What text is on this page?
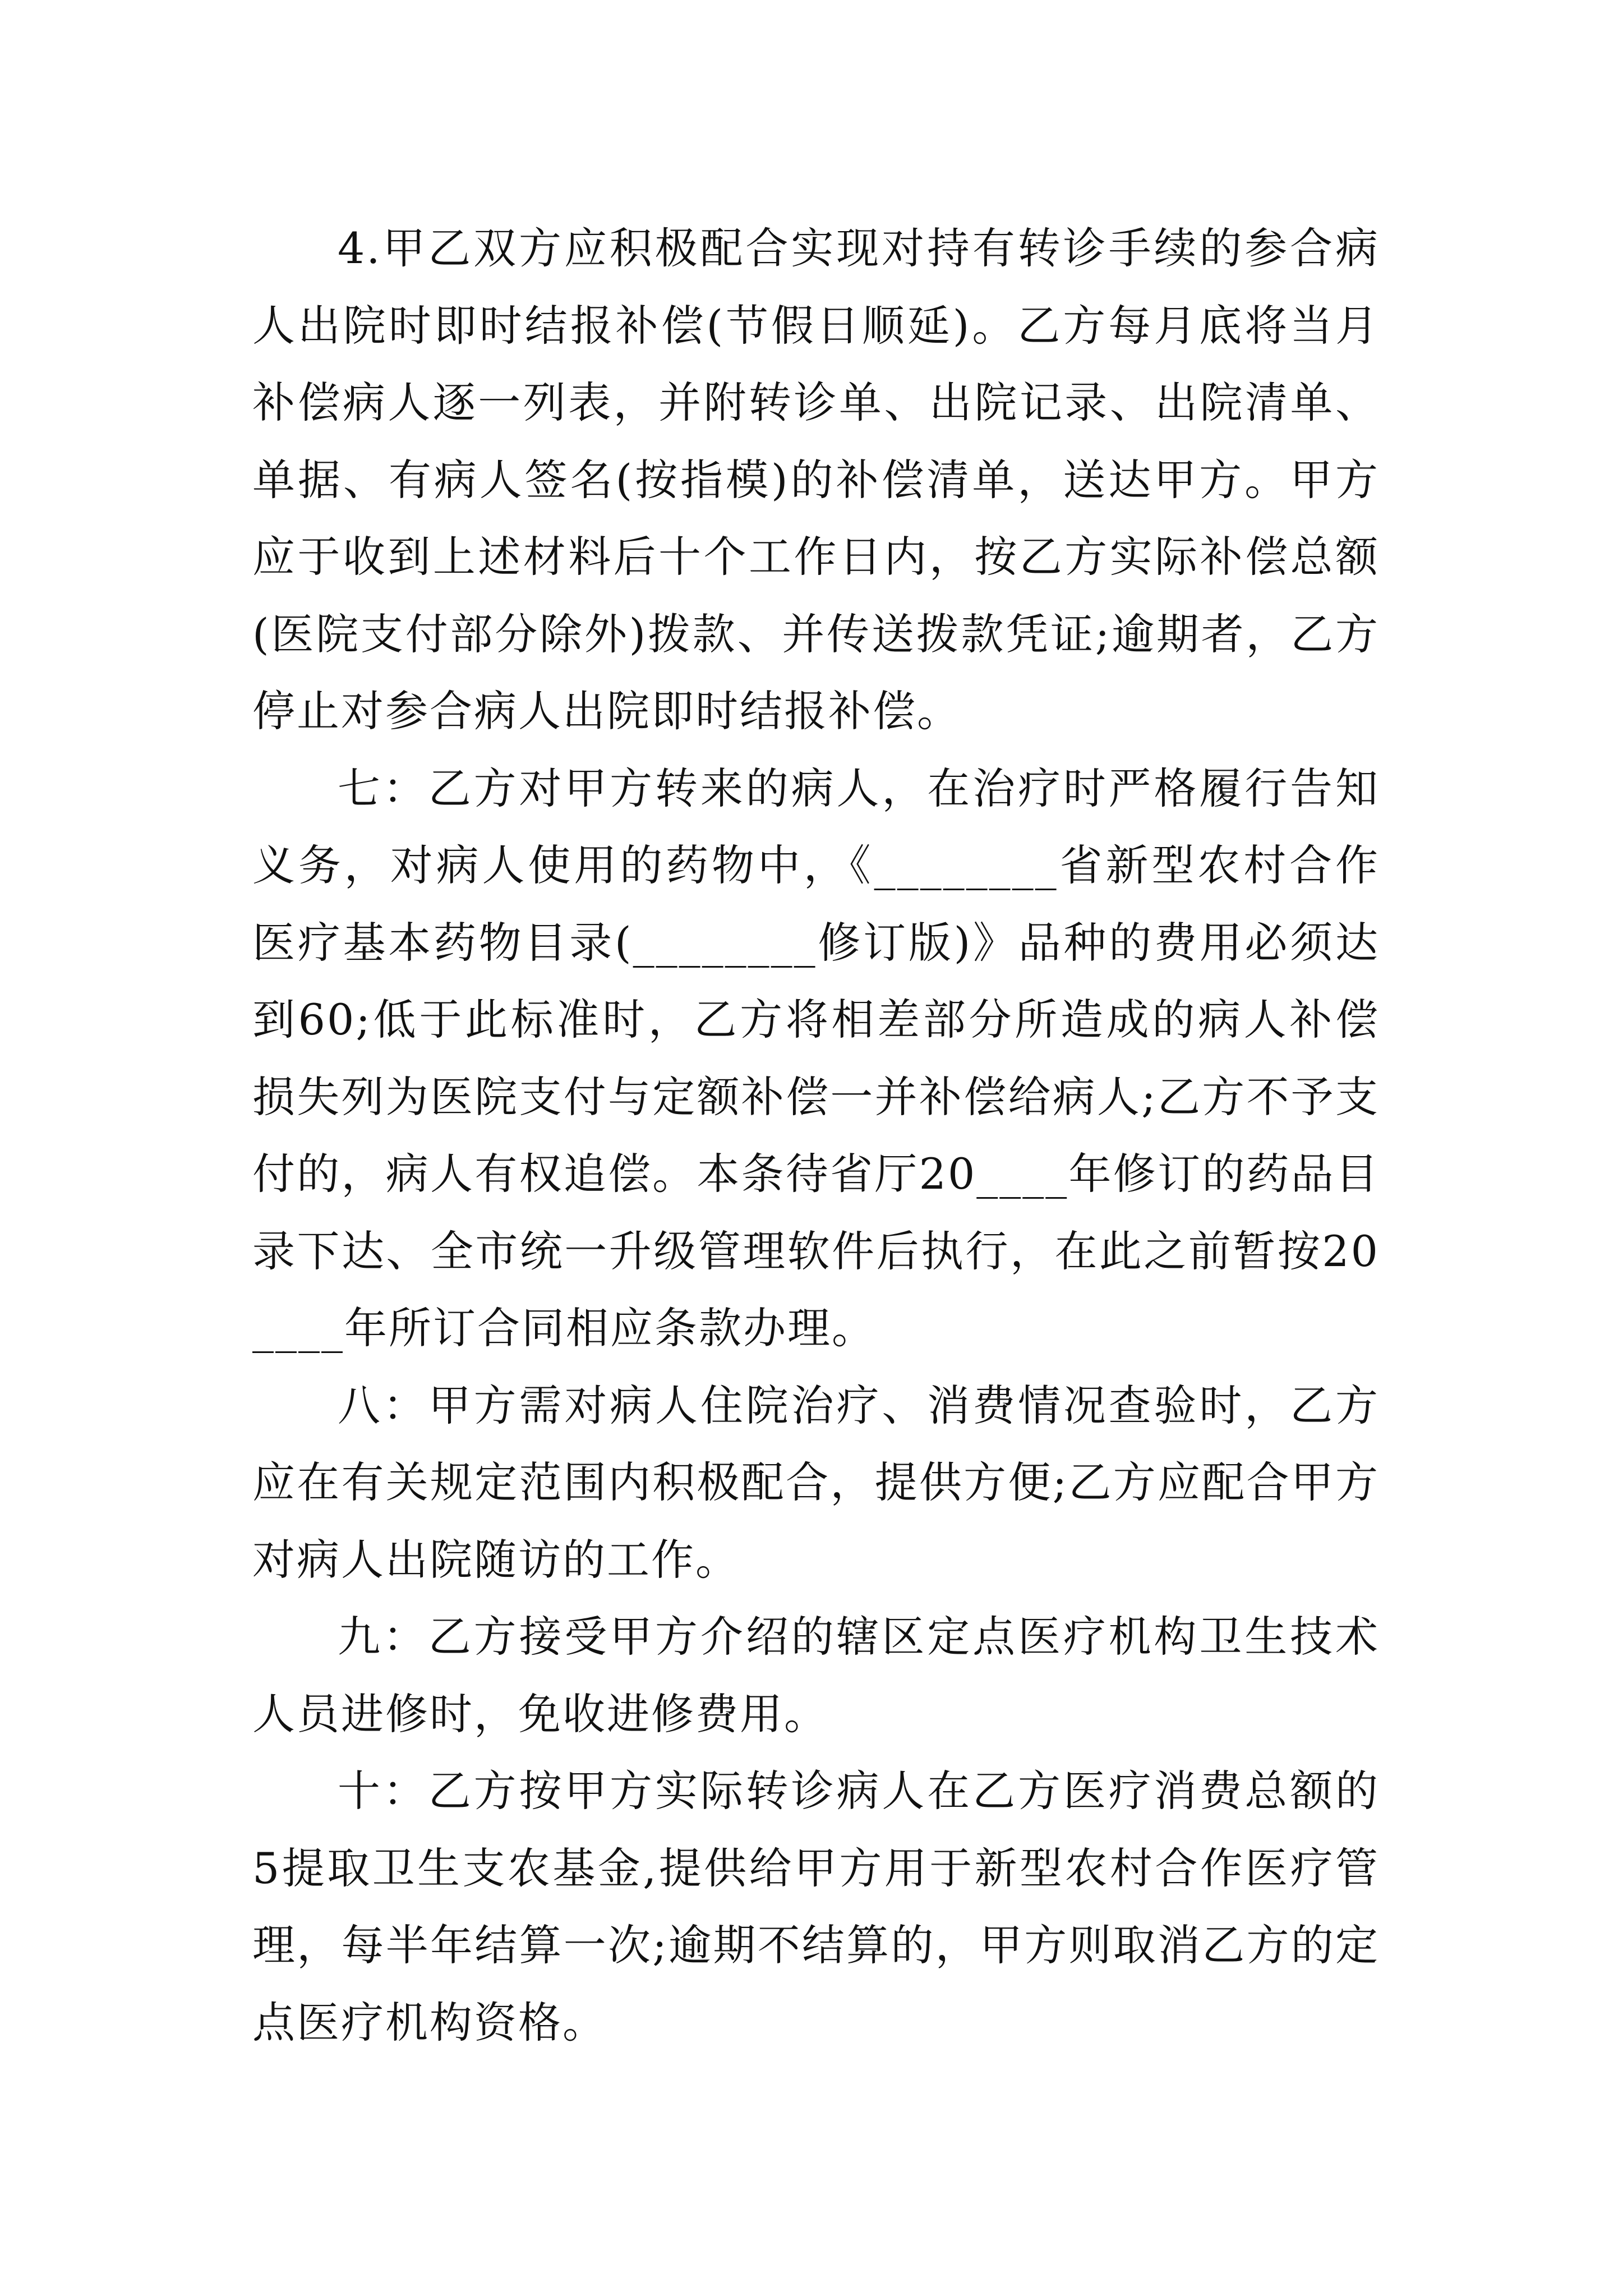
4.甲乙双方应积极配合实现对持有转诊手续的参合病人出院时即时结报补偿(节假日顺延)。乙方每月底将当月补偿病人逐一列表，并附转诊单、出院记录、出院清单、单据、有病人签名(按指模)的补偿清单，送达甲方。甲方应于收到上述材料后十个工作日内，按乙方实际补偿总额(医院支付部分除外)拨款、并传送拨款凭证;逾期者，乙方停止对参合病人出院即时结报补偿。

七：乙方对甲方转来的病人，在治疗时严格履行告知义务，对病人使用的药物中，《________省新型农村合作医疗基本药物目录(________修订版)》品种的费用必须达到60;低于此标准时，乙方将相差部分所造成的病人补偿损失列为医院支付与定额补偿一并补偿给病人;乙方不予支付的，病人有权追偿。本条待省厅20____年修订的药品目录下达、全市统一升级管理软件后执行，在此之前暂按20____年所订合同相应条款办理。

八：甲方需对病人住院治疗、消费情况查验时，乙方应在有关规定范围内积极配合，提供方便;乙方应配合甲方对病人出院随访的工作。

九：乙方接受甲方介绍的辖区定点医疗机构卫生技术人员进修时，免收进修费用。

十：乙方按甲方实际转诊病人在乙方医疗消费总额的5提取卫生支农基金,提供给甲方用于新型农村合作医疗管理，每半年结算一次;逾期不结算的，甲方则取消乙方的定点医疗机构资格。
